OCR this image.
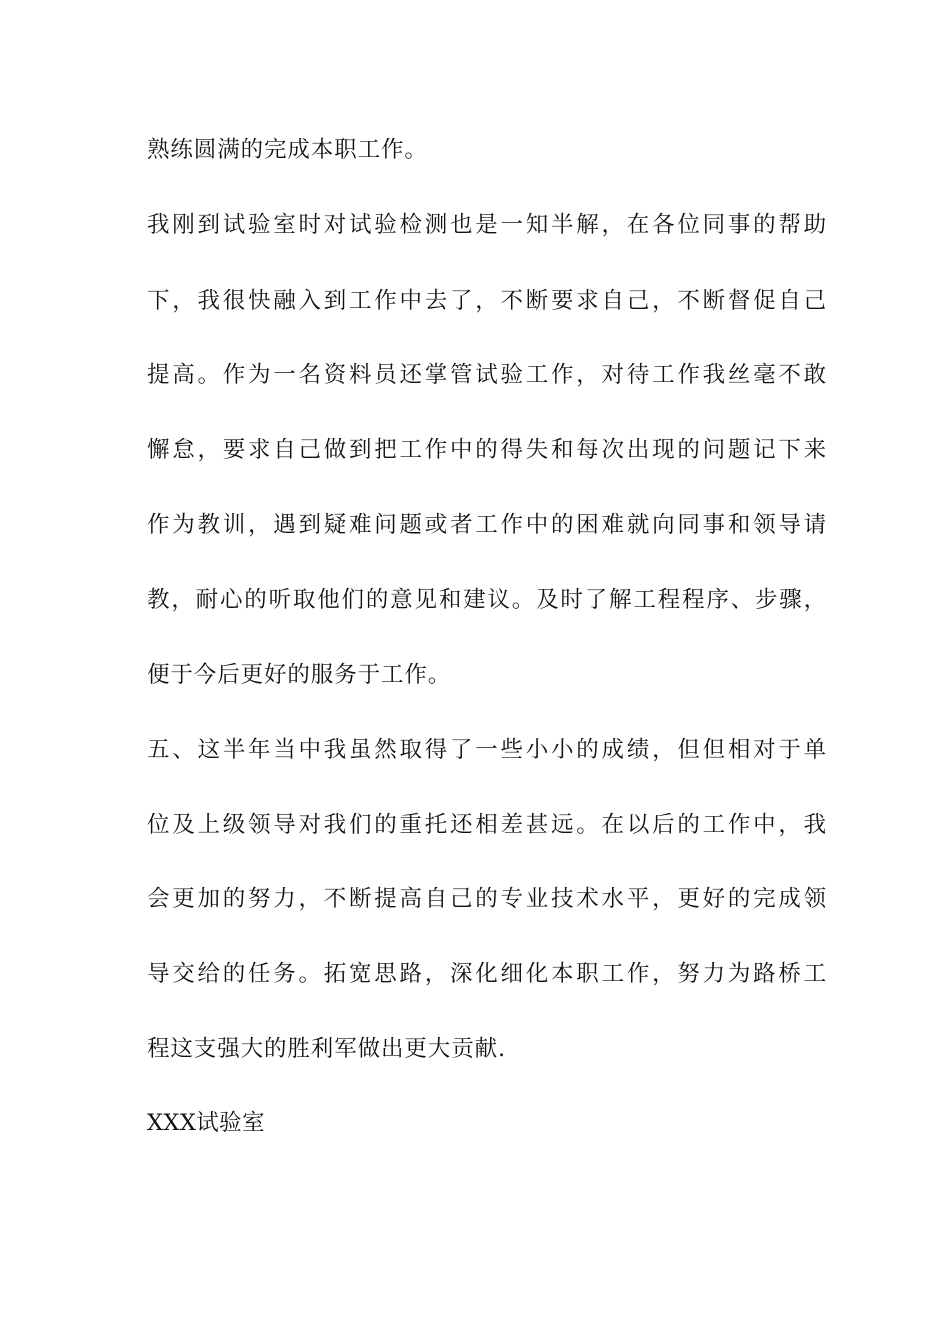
熟练圆满的完成本职工作。
我刚到试验室时对试验检测也是一知半解，在各位同事的帮助
下，我很快融入到工作中去了，不断要求自己，不断督促自己
提高。作为一名资料员还掌管试验工作，对待工作我丝毫不敢
懈怠，要求自己做到把工作中的得失和每次出现的问题记下来
作为教训，遇到疑难问题或者工作中的困难就向同事和领导请
教，耐心的听取他们的意见和建议。及时了解工程程序、步骤，
便于今后更好的服务于工作。
五、这半年当中我虽然取得了一些小小的成绩，但但相对于单
位及上级领导对我们的重托还相差甚远。在以后的工作中，我
会更加的努力，不断提高自己的专业技术水平，更好的完成领
导交给的任务。拓宽思路，深化细化本职工作，努力为路桥工
程这支强大的胜利军做出更大贡献.
XXX试验室
